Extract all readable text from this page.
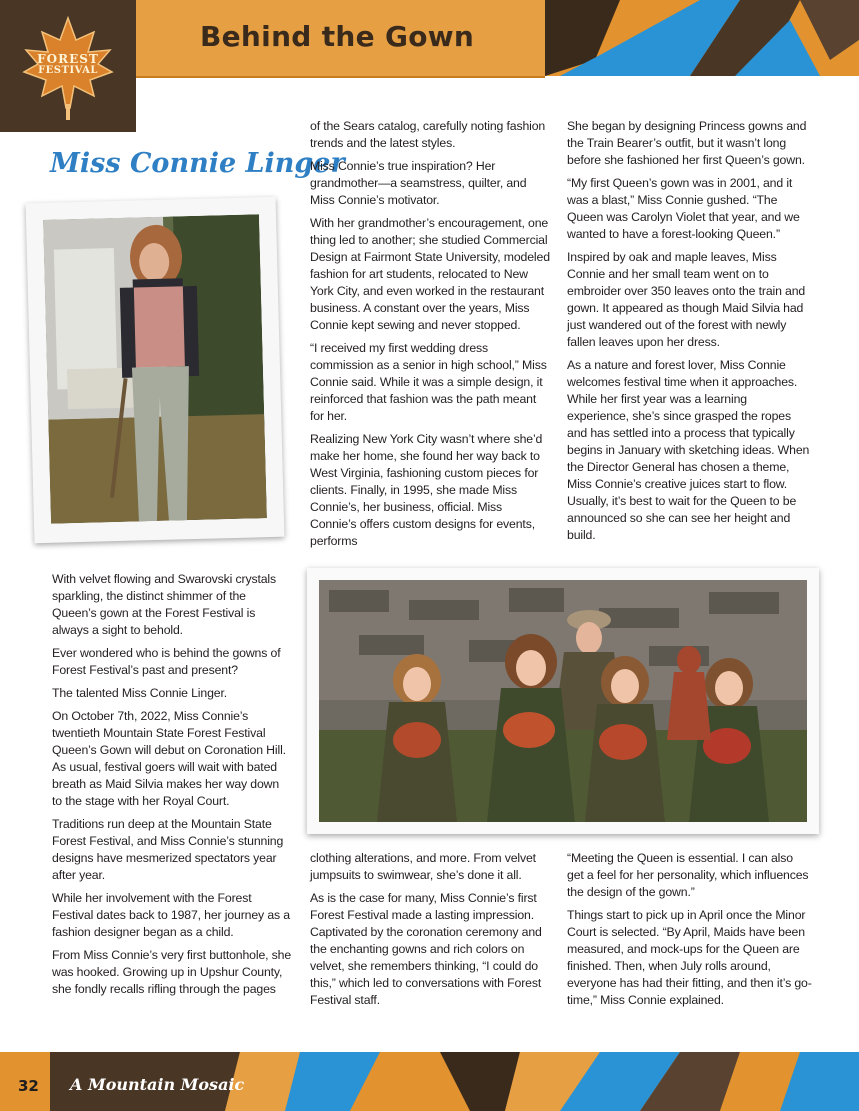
FOREST
FESTIVAL
Behind the Gown
Miss Connie Linger

of the Sears catalog, carefully noting fashion trends and the latest styles.

Miss Connie’s true inspiration? Her grandmother—a seamstress, quilter, and Miss Connie’s motivator.

With her grandmother’s encouragement, one thing led to another; she studied Commercial Design at Fairmont State University, modeled fashion for art students, relocated to New York City, and even worked in the restaurant business. A constant over the years, Miss Connie kept sewing and never stopped.

“I received my first wedding dress commission as a senior in high school,” Miss Connie said. While it was a simple design, it reinforced that fashion was the path meant for her.

Realizing New York City wasn’t where she’d make her home, she found her way back to West Virginia, fashioning custom pieces for clients. Finally, in 1995, she made Miss Connie’s, her business, official. Miss Connie’s offers custom designs for events, performs

She began by designing Princess gowns and the Train Bearer’s outfit, but it wasn’t long before she fashioned her first Queen’s gown.

“My first Queen’s gown was in 2001, and it was a blast,” Miss Connie gushed. “The Queen was Carolyn Violet that year, and we wanted to have a forest-looking Queen.”

Inspired by oak and maple leaves, Miss Connie and her small team went on to embroider over 350 leaves onto the train and gown. It appeared as though Maid Silvia had just wandered out of the forest with newly fallen leaves upon her dress.

As a nature and forest lover, Miss Connie welcomes festival time when it approaches. While her first year was a learning experience, she’s since grasped the ropes and has settled into a process that typically begins in January with sketching ideas. When the Director General has chosen a theme, Miss Connie’s creative juices start to flow. Usually, it’s best to wait for the Queen to be announced so she can see her height and build.

With velvet flowing and Swarovski crystals sparkling, the distinct shimmer of the Queen’s gown at the Forest Festival is always a sight to behold.

Ever wondered who is behind the gowns of Forest Festival’s past and present?

The talented Miss Connie Linger.

On October 7th, 2022, Miss Connie’s twentieth Mountain State Forest Festival Queen’s Gown will debut on Coronation Hill. As usual, festival goers will wait with bated breath as Maid Silvia makes her way down to the stage with her Royal Court.

Traditions run deep at the Mountain State Forest Festival, and Miss Connie’s stunning designs have mesmerized spectators year after year.

While her involvement with the Forest Festival dates back to 1987, her journey as a fashion designer began as a child.

From Miss Connie’s very first buttonhole, she was hooked. Growing up in Upshur County, she fondly recalls rifling through the pages

clothing alterations, and more. From velvet jumpsuits to swimwear, she’s done it all.

As is the case for many, Miss Connie’s first Forest Festival made a lasting impression. Captivated by the coronation ceremony and the enchanting gowns and rich colors on velvet, she remembers thinking, “I could do this,” which led to conversations with Forest Festival staff.

“Meeting the Queen is essential. I can also get a feel for her personality, which influences the design of the gown.”

Things start to pick up in April once the Minor Court is selected. “By April, Maids have been measured, and mock-ups for the Queen are finished. Then, when July rolls around, everyone has had their fitting, and then it’s go-time,” Miss Connie explained.

32 A Mountain Mosaic
